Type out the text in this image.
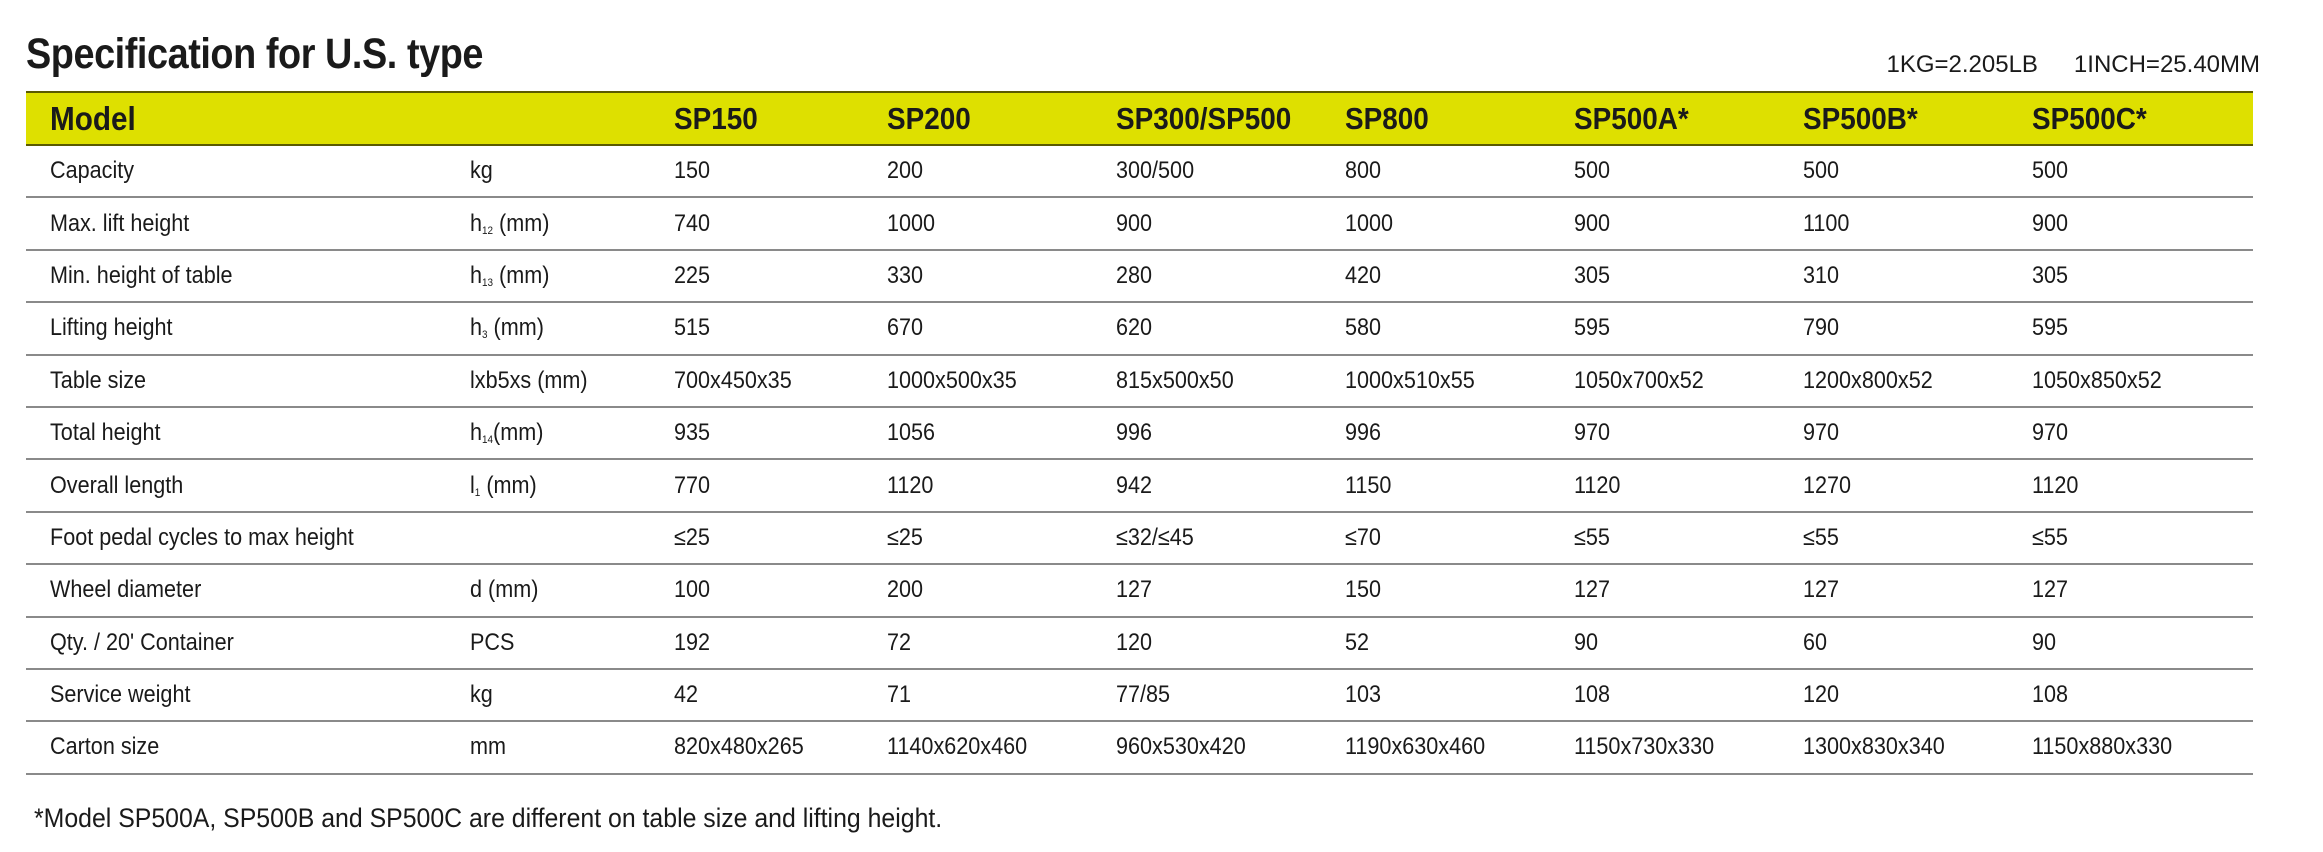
Specification for U.S. type	1KG=2.205LB 1INCH=25.40MM
Model		SP150	SP200	SP300/SP500	SP800	SP500A*	SP500B*	SP500C*
Capacity	kg	150	200	300/500	800	500	500	500
Max. lift height	$h_{12}$ (mm)	740	1000	900	1000	900	1100	900
Min. height of table	$h_{13}$ (mm)	225	330	280	420	305	310	305
Lifting height	$h_3$ (mm)	515	670	620	580	595	790	595
Table size	lxb5xs (mm)	700x450x35	1000x500x35	815x500x50	1000x510x55	1050x700x52	1200x800x52	1050x850x52
Total height	$h_{14}(mm)$	935	1056	996	996	970	970	970
Overall length	$l_1$ (mm)	770	1120	942	1150	1120	1270	1120
Foot pedal cycles to max height		≤25	≤25	≤32/≤45	≤70	≤55	≤55	≤55
Wheel diameter	d (mm)	100	200	127	150	127	127	127
Qty. / 20' Container	PCS	192	72	120	52	90	60	90
Service weight	kg	42	71	77/85	103	108	120	108
Carton size	mm	820x480x265	1140x620x460	960x530x420	1190x630x460	1150x730x330	1300x830x340	1150x880x330
*Model SP500A, SP500B and SP500C are different on table size and lifting height.
